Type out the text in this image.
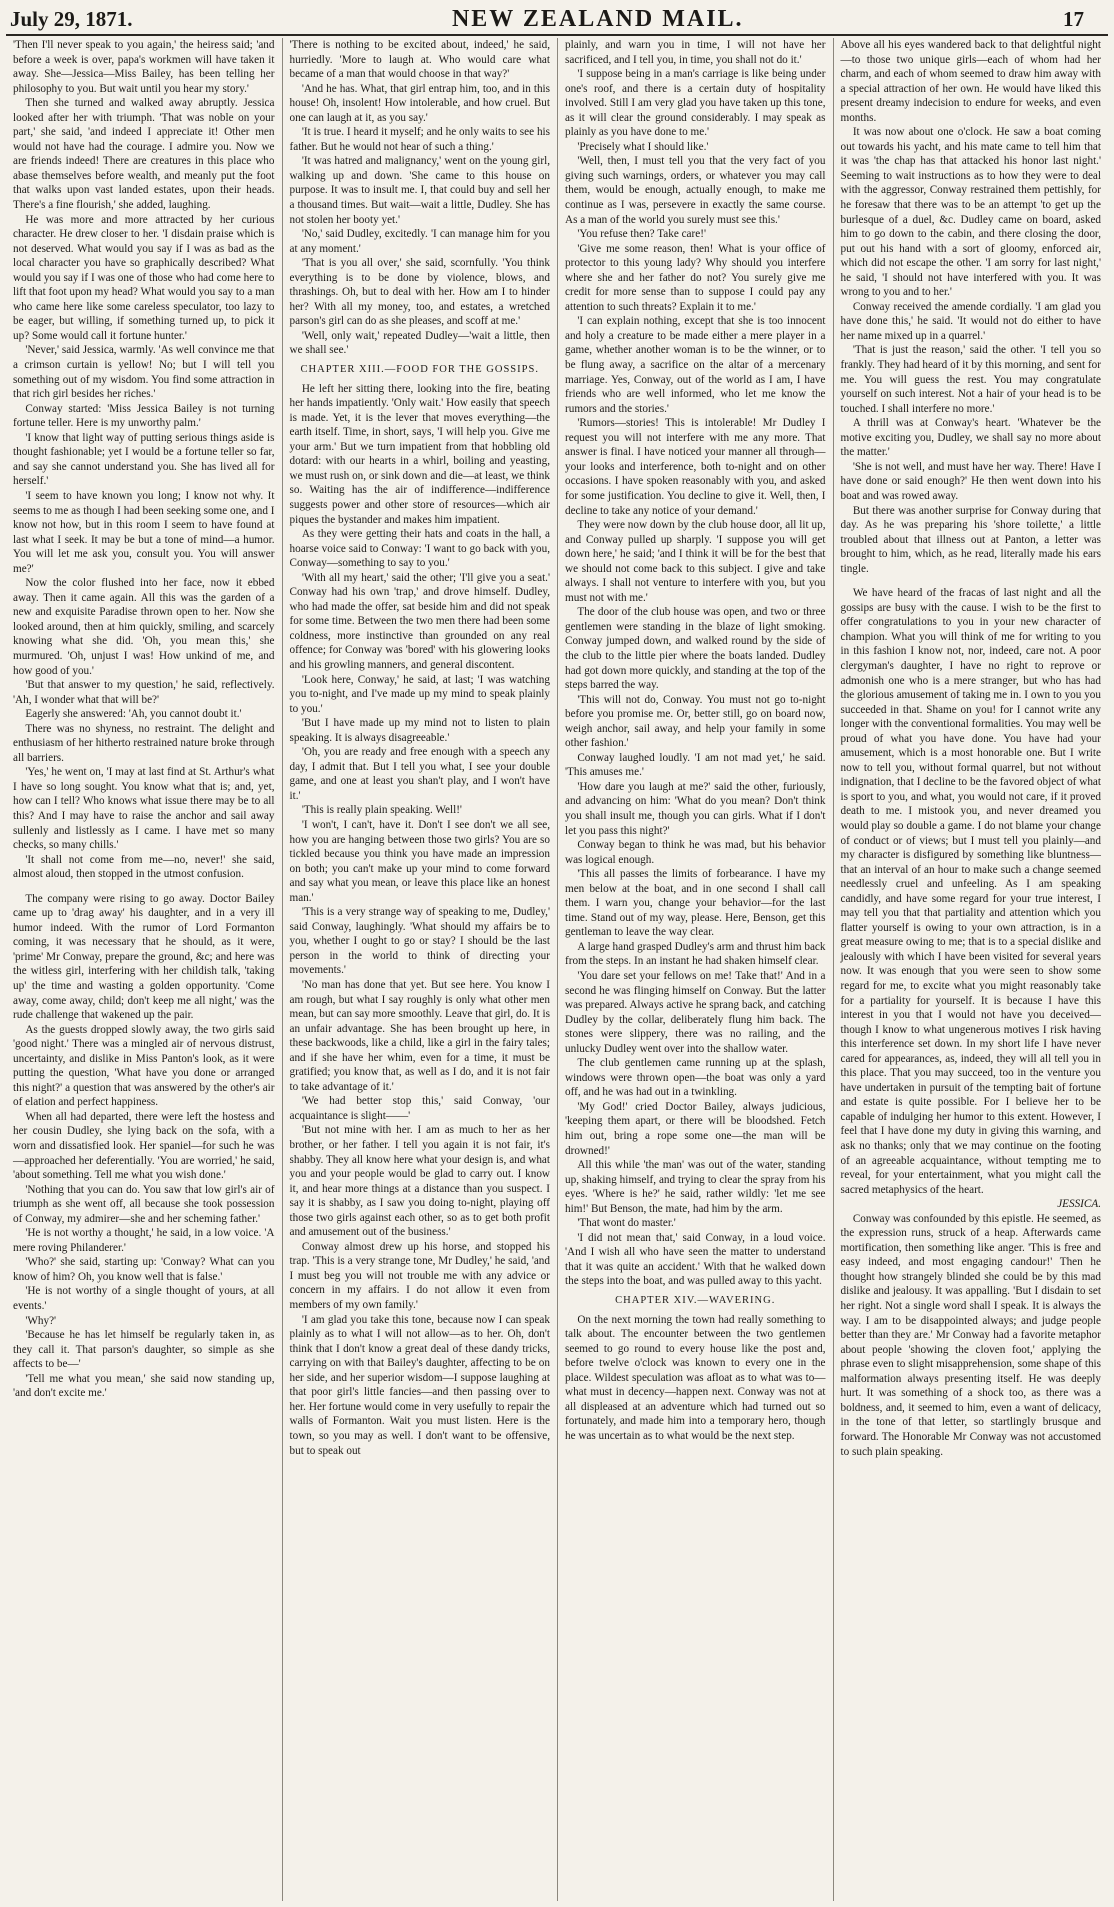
July 29, 1871.	NEW ZEALAND MAIL.	17

'Then I'll never speak to you again,' the heiress said; 'and before a week is over, papa's workmen will have taken it away. She—Jessica—Miss Bailey, has been telling her philosophy to you. But wait until you hear my story.'

Then she turned and walked away abruptly. Jessica looked after her with triumph. 'That was noble on your part,' she said, 'and indeed I appreciate it! Other men would not have had the courage. I admire you. Now we are friends indeed! There are creatures in this place who abase themselves before wealth, and meanly put the foot that walks upon vast landed estates, upon their heads. There's a fine flourish,' she added, laughing.

He was more and more attracted by her curious character. He drew closer to her. 'I disdain praise which is not deserved. What would you say if I was as bad as the local character you have so graphically described? What would you say if I was one of those who had come here to lift that foot upon my head? What would you say to a man who came here like some careless speculator, too lazy to be eager, but willing, if something turned up, to pick it up? Some would call it fortune hunter.'

'Never,' said Jessica, warmly. 'As well convince me that a crimson curtain is yellow! No; but I will tell you something out of my wisdom. You find some attraction in that rich girl besides her riches.'

Conway started: 'Miss Jessica Bailey is not turning fortune teller. Here is my unworthy palm.'

'I know that light way of putting serious things aside is thought fashionable; yet I would be a fortune teller so far, and say she cannot understand you. She has lived all for herself.'

'I seem to have known you long; I know not why. It seems to me as though I had been seeking some one, and I know not how, but in this room I seem to have found at last what I seek. It may be but a tone of mind—a humor. You will let me ask you, consult you. You will answer me?'

Now the color flushed into her face, now it ebbed away. Then it came again. All this was the garden of a new and exquisite Paradise thrown open to her. Now she looked around, then at him quickly, smiling, and scarcely knowing what she did. 'Oh, you mean this,' she murmured. 'Oh, unjust I was! How unkind of me, and how good of you.'

'But that answer to my question,' he said, reflectively. 'Ah, I wonder what that will be?'

Eagerly she answered: 'Ah, you cannot doubt it.'

There was no shyness, no restraint. The delight and enthusiasm of her hitherto restrained nature broke through all barriers.

'Yes,' he went on, 'I may at last find at St. Arthur's what I have so long sought. You know what that is; and, yet, how can I tell? Who knows what issue there may be to all this? And I may have to raise the anchor and sail away sullenly and listlessly as I came. I have met so many checks, so many chills.'

'It shall not come from me—no, never!' she said, almost aloud, then stopped in the utmost confusion.

The company were rising to go away. Doctor Bailey came up to 'drag away' his daughter, and in a very ill humor indeed. With the rumor of Lord Formanton coming, it was necessary that he should, as it were, 'prime' Mr Conway, prepare the ground, &c; and here was the witless girl, interfering with her childish talk, 'taking up' the time and wasting a golden opportunity. 'Come away, come away, child; don't keep me all night,' was the rude challenge that wakened up the pair.

As the guests dropped slowly away, the two girls said 'good night.' There was a mingled air of nervous distrust, uncertainty, and dislike in Miss Panton's look, as it were putting the question, 'What have you done or arranged this night?' a question that was answered by the other's air of elation and perfect happiness.

When all had departed, there were left the hostess and her cousin Dudley, she lying back on the sofa, with a worn and dissatisfied look. Her spaniel—for such he was—approached her deferentially. 'You are worried,' he said, 'about something. Tell me what you wish done.'

'Nothing that you can do. You saw that low girl's air of triumph as she went off, all because she took possession of Conway, my admirer—she and her scheming father.'

'He is not worthy a thought,' he said, in a low voice. 'A mere roving Philanderer.'

'Who?' she said, starting up: 'Conway? What can you know of him? Oh, you know well that is false.'

'He is not worthy of a single thought of yours, at all events.'

'Why?'

'Because he has let himself be regularly taken in, as they call it. That parson's daughter, so simple as she affects to be—'

'Tell me what you mean,' she said now standing up, 'and don't excite me.'

'There is nothing to be excited about, indeed,' he said, hurriedly. 'More to laugh at. Who would care what became of a man that would choose in that way?'

'And he has. What, that girl entrap him, too, and in this house! Oh, insolent! How intolerable, and how cruel. But one can laugh at it, as you say.'

'It is true. I heard it myself; and he only waits to see his father. But he would not hear of such a thing.'

'It was hatred and malignancy,' went on the young girl, walking up and down. 'She came to this house on purpose. It was to insult me. I, that could buy and sell her a thousand times. But wait—wait a little, Dudley. She has not stolen her booty yet.'

'No,' said Dudley, excitedly. 'I can manage him for you at any moment.'

'That is you all over,' she said, scornfully. 'You think everything is to be done by violence, blows, and thrashings. Oh, but to deal with her. How am I to hinder her? With all my money, too, and estates, a wretched parson's girl can do as she pleases, and scoff at me.'

'Well, only wait,' repeated Dudley—'wait a little, then we shall see.'

CHAPTER XIII.—FOOD FOR THE GOSSIPS.

He left her sitting there, looking into the fire, beating her hands impatiently. 'Only wait.' How easily that speech is made. Yet, it is the lever that moves everything—the earth itself. Time, in short, says, 'I will help you. Give me your arm.' But we turn impatient from that hobbling old dotard: with our hearts in a whirl, boiling and yeasting, we must rush on, or sink down and die—at least, we think so. Waiting has the air of indifference—indifference suggests power and other store of resources—which air piques the bystander and makes him impatient.

As they were getting their hats and coats in the hall, a hoarse voice said to Conway: 'I want to go back with you, Conway—something to say to you.'

'With all my heart,' said the other; 'I'll give you a seat.' Conway had his own 'trap,' and drove himself. Dudley, who had made the offer, sat beside him and did not speak for some time. Between the two men there had been some coldness, more instinctive than grounded on any real offence; for Conway was 'bored' with his glowering looks and his growling manners, and general discontent.

'Look here, Conway,' he said, at last; 'I was watching you to-night, and I've made up my mind to speak plainly to you.'

'But I have made up my mind not to listen to plain speaking. It is always disagreeable.'

'Oh, you are ready and free enough with a speech any day, I admit that. But I tell you what, I see your double game, and one at least you shan't play, and I won't have it.'

'This is really plain speaking. Well!'

'I won't, I can't, have it. Don't I see don't we all see, how you are hanging between those two girls? You are so tickled because you think you have made an impression on both; you can't make up your mind to come forward and say what you mean, or leave this place like an honest man.'

'This is a very strange way of speaking to me, Dudley,' said Conway, laughingly. 'What should my affairs be to you, whether I ought to go or stay? I should be the last person in the world to think of directing your movements.'

'No man has done that yet. But see here. You know I am rough, but what I say roughly is only what other men mean, but can say more smoothly. Leave that girl, do. It is an unfair advantage. She has been brought up here, in these backwoods, like a child, like a girl in the fairy tales; and if she have her whim, even for a time, it must be gratified; you know that, as well as I do, and it is not fair to take advantage of it.'

'We had better stop this,' said Conway, 'our acquaintance is slight——'

'But not mine with her. I am as much to her as her brother, or her father. I tell you again it is not fair, it's shabby. They all know here what your design is, and what you and your people would be glad to carry out. I know it, and hear more things at a distance than you suspect. I say it is shabby, as I saw you doing to-night, playing off those two girls against each other, so as to get both profit and amusement out of the business.'

Conway almost drew up his horse, and stopped his trap. 'This is a very strange tone, Mr Dudley,' he said, 'and I must beg you will not trouble me with any advice or concern in my affairs. I do not allow it even from members of my own family.'

'I am glad you take this tone, because now I can speak plainly as to what I will not allow—as to her. Oh, don't think that I don't know a great deal of these dandy tricks, carrying on with that Bailey's daughter, affecting to be on her side, and her superior wisdom—I suppose laughing at that poor girl's little fancies—and then passing over to her. Her fortune would come in very usefully to repair the walls of Formanton. Wait you must listen. Here is the town, so you may as well. I don't want to be offensive, but to speak out

plainly, and warn you in time, I will not have her sacrificed, and I tell you, in time, you shall not do it.'

'I suppose being in a man's carriage is like being under one's roof, and there is a certain duty of hospitality involved. Still I am very glad you have taken up this tone, as it will clear the ground considerably. I may speak as plainly as you have done to me.'

'Precisely what I should like.'

'Well, then, I must tell you that the very fact of you giving such warnings, orders, or whatever you may call them, would be enough, actually enough, to make me continue as I was, persevere in exactly the same course. As a man of the world you surely must see this.'

'You refuse then? Take care!'

'Give me some reason, then! What is your office of protector to this young lady? Why should you interfere where she and her father do not? You surely give me credit for more sense than to suppose I could pay any attention to such threats? Explain it to me.'

'I can explain nothing, except that she is too innocent and holy a creature to be made either a mere player in a game, whether another woman is to be the winner, or to be flung away, a sacrifice on the altar of a mercenary marriage. Yes, Conway, out of the world as I am, I have friends who are well informed, who let me know the rumors and the stories.'

'Rumors—stories! This is intolerable! Mr Dudley I request you will not interfere with me any more. That answer is final. I have noticed your manner all through—your looks and interference, both to-night and on other occasions. I have spoken reasonably with you, and asked for some justification. You decline to give it. Well, then, I decline to take any notice of your demand.'

They were now down by the club house door, all lit up, and Conway pulled up sharply. 'I suppose you will get down here,' he said; 'and I think it will be for the best that we should not come back to this subject. I give and take always. I shall not venture to interfere with you, but you must not with me.'

The door of the club house was open, and two or three gentlemen were standing in the blaze of light smoking. Conway jumped down, and walked round by the side of the club to the little pier where the boats landed. Dudley had got down more quickly, and standing at the top of the steps barred the way.

'This will not do, Conway. You must not go to-night before you promise me. Or, better still, go on board now, weigh anchor, sail away, and help your family in some other fashion.'

Conway laughed loudly. 'I am not mad yet,' he said. 'This amuses me.'

'How dare you laugh at me?' said the other, furiously, and advancing on him: 'What do you mean? Don't think you shall insult me, though you can girls. What if I don't let you pass this night?'

Conway began to think he was mad, but his behavior was logical enough.

'This all passes the limits of forbearance. I have my men below at the boat, and in one second I shall call them. I warn you, change your behavior—for the last time. Stand out of my way, please. Here, Benson, get this gentleman to leave the way clear.

A large hand grasped Dudley's arm and thrust him back from the steps. In an instant he had shaken himself clear.

'You dare set your fellows on me! Take that!' And in a second he was flinging himself on Conway. But the latter was prepared. Always active he sprang back, and catching Dudley by the collar, deliberately flung him back. The stones were slippery, there was no railing, and the unlucky Dudley went over into the shallow water.

The club gentlemen came running up at the splash, windows were thrown open—the boat was only a yard off, and he was had out in a twinkling.

'My God!' cried Doctor Bailey, always judicious, 'keeping them apart, or there will be bloodshed. Fetch him out, bring a rope some one—the man will be drowned!'

All this while 'the man' was out of the water, standing up, shaking himself, and trying to clear the spray from his eyes. 'Where is he?' he said, rather wildly: 'let me see him!' But Benson, the mate, had him by the arm.

'That wont do master.'

'I did not mean that,' said Conway, in a loud voice. 'And I wish all who have seen the matter to understand that it was quite an accident.' With that he walked down the steps into the boat, and was pulled away to this yacht.

CHAPTER XIV.—WAVERING.

On the next morning the town had really something to talk about. The encounter between the two gentlemen seemed to go round to every house like the post and, before twelve o'clock was known to every one in the place. Wildest speculation was afloat as to what was to—what must in decency—happen next. Conway was not at all displeased at an adventure which had turned out so fortunately, and made him into a temporary hero, though he was uncertain as to what would be the next step.

Above all his eyes wandered back to that delightful night—to those two unique girls—each of whom had her charm, and each of whom seemed to draw him away with a special attraction of her own. He would have liked this present dreamy indecision to endure for weeks, and even months.

It was now about one o'clock. He saw a boat coming out towards his yacht, and his mate came to tell him that it was 'the chap has that attacked his honor last night.' Seeming to wait instructions as to how they were to deal with the aggressor, Conway restrained them pettishly, for he foresaw that there was to be an attempt 'to get up the burlesque of a duel, &c. Dudley came on board, asked him to go down to the cabin, and there closing the door, put out his hand with a sort of gloomy, enforced air, which did not escape the other. 'I am sorry for last night,' he said, 'I should not have interfered with you. It was wrong to you and to her.'

Conway received the amende cordially. 'I am glad you have done this,' he said. 'It would not do either to have her name mixed up in a quarrel.'

'That is just the reason,' said the other. 'I tell you so frankly. They had heard of it by this morning, and sent for me. You will guess the rest. You may congratulate yourself on such interest. Not a hair of your head is to be touched. I shall interfere no more.'

A thrill was at Conway's heart. 'Whatever be the motive exciting you, Dudley, we shall say no more about the matter.'

'She is not well, and must have her way. There! Have I have done or said enough?' He then went down into his boat and was rowed away.

But there was another surprise for Conway during that day. As he was preparing his 'shore toilette,' a little troubled about that illness out at Panton, a letter was brought to him, which, as he read, literally made his ears tingle.

We have heard of the fracas of last night and all the gossips are busy with the cause. I wish to be the first to offer congratulations to you in your new character of champion. What you will think of me for writing to you in this fashion I know not, nor, indeed, care not. A poor clergyman's daughter, I have no right to reprove or admonish one who is a mere stranger, but who has had the glorious amusement of taking me in. I own to you you succeeded in that. Shame on you! for I cannot write any longer with the conventional formalities. You may well be proud of what you have done. You have had your amusement, which is a most honorable one. But I write now to tell you, without formal quarrel, but not without indignation, that I decline to be the favored object of what is sport to you, and what, you would not care, if it proved death to me. I mistook you, and never dreamed you would play so double a game. I do not blame your change of conduct or of views; but I must tell you plainly—and my character is disfigured by something like bluntness—that an interval of an hour to make such a change seemed needlessly cruel and unfeeling. As I am speaking candidly, and have some regard for your true interest, I may tell you that that partiality and attention which you flatter yourself is owing to your own attraction, is in a great measure owing to me; that is to a special dislike and jealously with which I have been visited for several years now. It was enough that you were seen to show some regard for me, to excite what you might reasonably take for a partiality for yourself. It is because I have this interest in you that I would not have you deceived—though I know to what ungenerous motives I risk having this interference set down. In my short life I have never cared for appearances, as, indeed, they will all tell you in this place. That you may succeed, too in the venture you have undertaken in pursuit of the tempting bait of fortune and estate is quite possible. For I believe her to be capable of indulging her humor to this extent. However, I feel that I have done my duty in giving this warning, and ask no thanks; only that we may continue on the footing of an agreeable acquaintance, without tempting me to reveal, for your entertainment, what you might call the sacred metaphysics of the heart.

JESSICA.

Conway was confounded by this epistle. He seemed, as the expression runs, struck of a heap. Afterwards came mortification, then something like anger. 'This is free and easy indeed, and most engaging candour!' Then he thought how strangely blinded she could be by this mad dislike and jealousy. It was appalling. 'But I disdain to set her right. Not a single word shall I speak. It is always the way. I am to be disappointed always; and judge people better than they are.' Mr Conway had a favorite metaphor about people 'showing the cloven foot,' applying the phrase even to slight misapprehension, some shape of this malformation always presenting itself. He was deeply hurt. It was something of a shock too, as there was a boldness, and, it seemed to him, even a want of delicacy, in the tone of that letter, so startlingly brusque and forward. The Honorable Mr Conway was not accustomed to such plain speaking.
